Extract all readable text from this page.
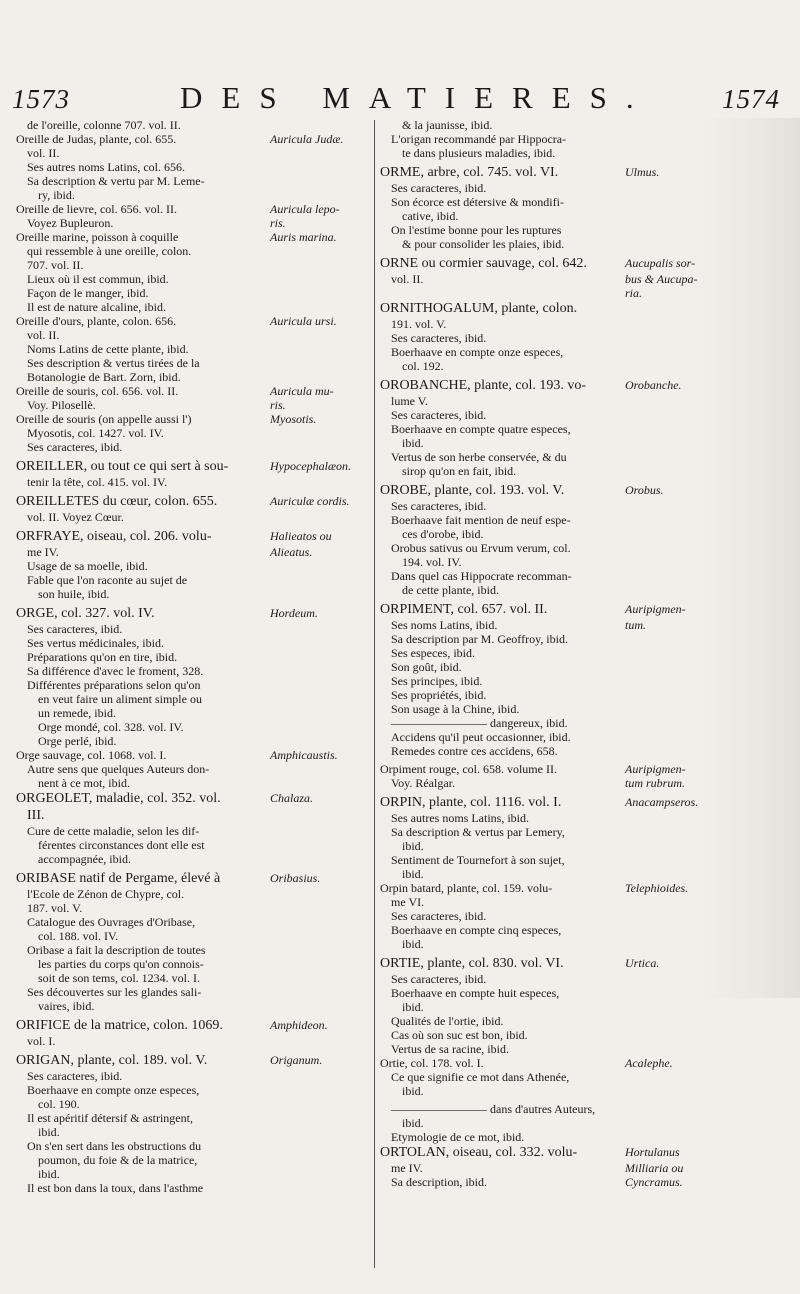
1573	DES MATIERES.	1574
de l'oreille, colonne 707. vol. II.
Oreille de Judas, plante, col. 655.	Auricula Judæ.
vol. II.
Ses autres noms Latins, col. 656.
Sa description & vertu par M. Leme-
ry, ibid.
Oreille de lievre, col. 656. vol. II.	Auricula lepo-
Voyez Bupleuron.	ris.
Oreille marine, poisson à coquille	Auris marina.
qui ressemble à une oreille, colon.
707. vol. II.
Lieux où il est commun, ibid.
Façon de le manger, ibid.
Il est de nature alcaline, ibid.
Oreille d'ours, plante, colon. 656.	Auricula ursi.
vol. II.
Noms Latins de cette plante, ibid.
Ses description & vertus tirées de la
Botanologie de Bart. Zorn, ibid.
Oreille de souris, col. 656. vol. II.	Auricula mu-
Voy. Pilosellè.	ris.
Oreille de souris (on appelle aussi l')	Myosotis.
Myosotis, col. 1427. vol. IV.
Ses caracteres, ibid.
OREILLER, ou tout ce qui sert à sou-	Hypocephalæon.
tenir la tête, col. 415. vol. IV.
OREILLETES du cœur, colon. 655.	Auriculæ cordis.
vol. II. Voyez Cœur.
ORFRAYE, oiseau, col. 206. volu-	Halieatos ou
me IV.	Alieatus.
Usage de sa moelle, ibid.
Fable que l'on raconte au sujet de
son huile, ibid.
ORGE, col. 327. vol. IV.	Hordeum.
Ses caracteres, ibid.
Ses vertus médicinales, ibid.
Préparations qu'on en tire, ibid.
Sa différence d'avec le froment, 328.
Différentes préparations selon qu'on
en veut faire un aliment simple ou
un remede, ibid.
Orge mondé, col. 328. vol. IV.
Orge perlé, ibid.
Orge sauvage, col. 1068. vol. I.	Amphicaustis.
Autre sens que quelques Auteurs don-
nent à ce mot, ibid.
ORGEOLET, maladie, col. 352. vol.	Chalaza.
III.
Cure de cette maladie, selon les dif-
férentes circonstances dont elle est
accompagnée, ibid.
ORIBASE natif de Pergame, élevé à	Oribasius.
l'Ecole de Zénon de Chypre, col.
187. vol. V.
Catalogue des Ouvrages d'Oribase,
col. 188. vol. IV.
Oribase a fait la description de toutes
les parties du corps qu'on connois-
soit de son tems, col. 1234. vol. I.
Ses découvertes sur les glandes sali-
vaires, ibid.
ORIFICE de la matrice, colon. 1069.	Amphideon.
vol. I.
ORIGAN, plante, col. 189. vol. V.	Origanum.
Ses caracteres, ibid.
Boerhaave en compte onze especes,
col. 190.
Il est apéritif détersif & astringent,
ibid.
On s'en sert dans les obstructions du
poumon, du foie & de la matrice,
ibid.
Il est bon dans la toux, dans l'asthme
& la jaunisse, ibid.
L'origan recommandé par Hippocra-
te dans plusieurs maladies, ibid.
ORME, arbre, col. 745. vol. VI.	Ulmus.
Ses caracteres, ibid.
Son écorce est détersive & mondifi-
cative, ibid.
On l'estime bonne pour les ruptures
& pour consolider les plaies, ibid.
ORNE ou cormier sauvage, col. 642.	Aucupalis sor-
vol. II.	bus & Aucupa-
ria.
ORNITHOGALUM, plante, colon.
191. vol. V.
Ses caracteres, ibid.
Boerhaave en compte onze especes,
col. 192.
OROBANCHE, plante, col. 193. vo-	Orobanche.
lume V.
Ses caracteres, ibid.
Boerhaave en compte quatre especes,
ibid.
Vertus de son herbe conservée, & du
sirop qu'on en fait, ibid.
OROBE, plante, col. 193. vol. V.	Orobus.
Ses caracteres, ibid.
Boerhaave fait mention de neuf espe-
ces d'orobe, ibid.
Orobus sativus ou Ervum verum, col.
194. vol. IV.
Dans quel cas Hippocrate recomman-
de cette plante, ibid.
ORPIMENT, col. 657. vol. II.	Auripigmen-
Ses noms Latins, ibid.	tum.
Sa description par M. Geoffroy, ibid.
Ses especes, ibid.
Son goût, ibid.
Ses principes, ibid.
Ses propriétés, ibid.
Son usage à la Chine, ibid.
———————— dangereux, ibid.
Accidens qu'il peut occasionner, ibid.
Remedes contre ces accidens, 658.
Orpiment rouge, col. 658. volume II.	Auripigmen-
Voy. Réalgar.	tum rubrum.
ORPIN, plante, col. 1116. vol. I.	Anacampseros.
Ses autres noms Latins, ibid.
Sa description & vertus par Lemery,
ibid.
Sentiment de Tournefort à son sujet,
ibid.
Orpin batard, plante, col. 159. volu-	Telephioides.
me VI.
Ses caracteres, ibid.
Boerhaave en compte cinq especes,
ibid.
ORTIE, plante, col. 830. vol. VI.	Urtica.
Ses caracteres, ibid.
Boerhaave en compte huit especes,
ibid.
Qualités de l'ortie, ibid.
Cas où son suc est bon, ibid.
Vertus de sa racine, ibid.
Ortie, col. 178. vol. I.	Acalephe.
Ce que signifie ce mot dans Athenée,
ibid.
———————— dans d'autres Auteurs,
ibid.
Etymologie de ce mot, ibid.
ORTOLAN, oiseau, col. 332. volu-	Hortulanus
me IV.	Milliaria ou
Sa description, ibid.	Cyncramus.
